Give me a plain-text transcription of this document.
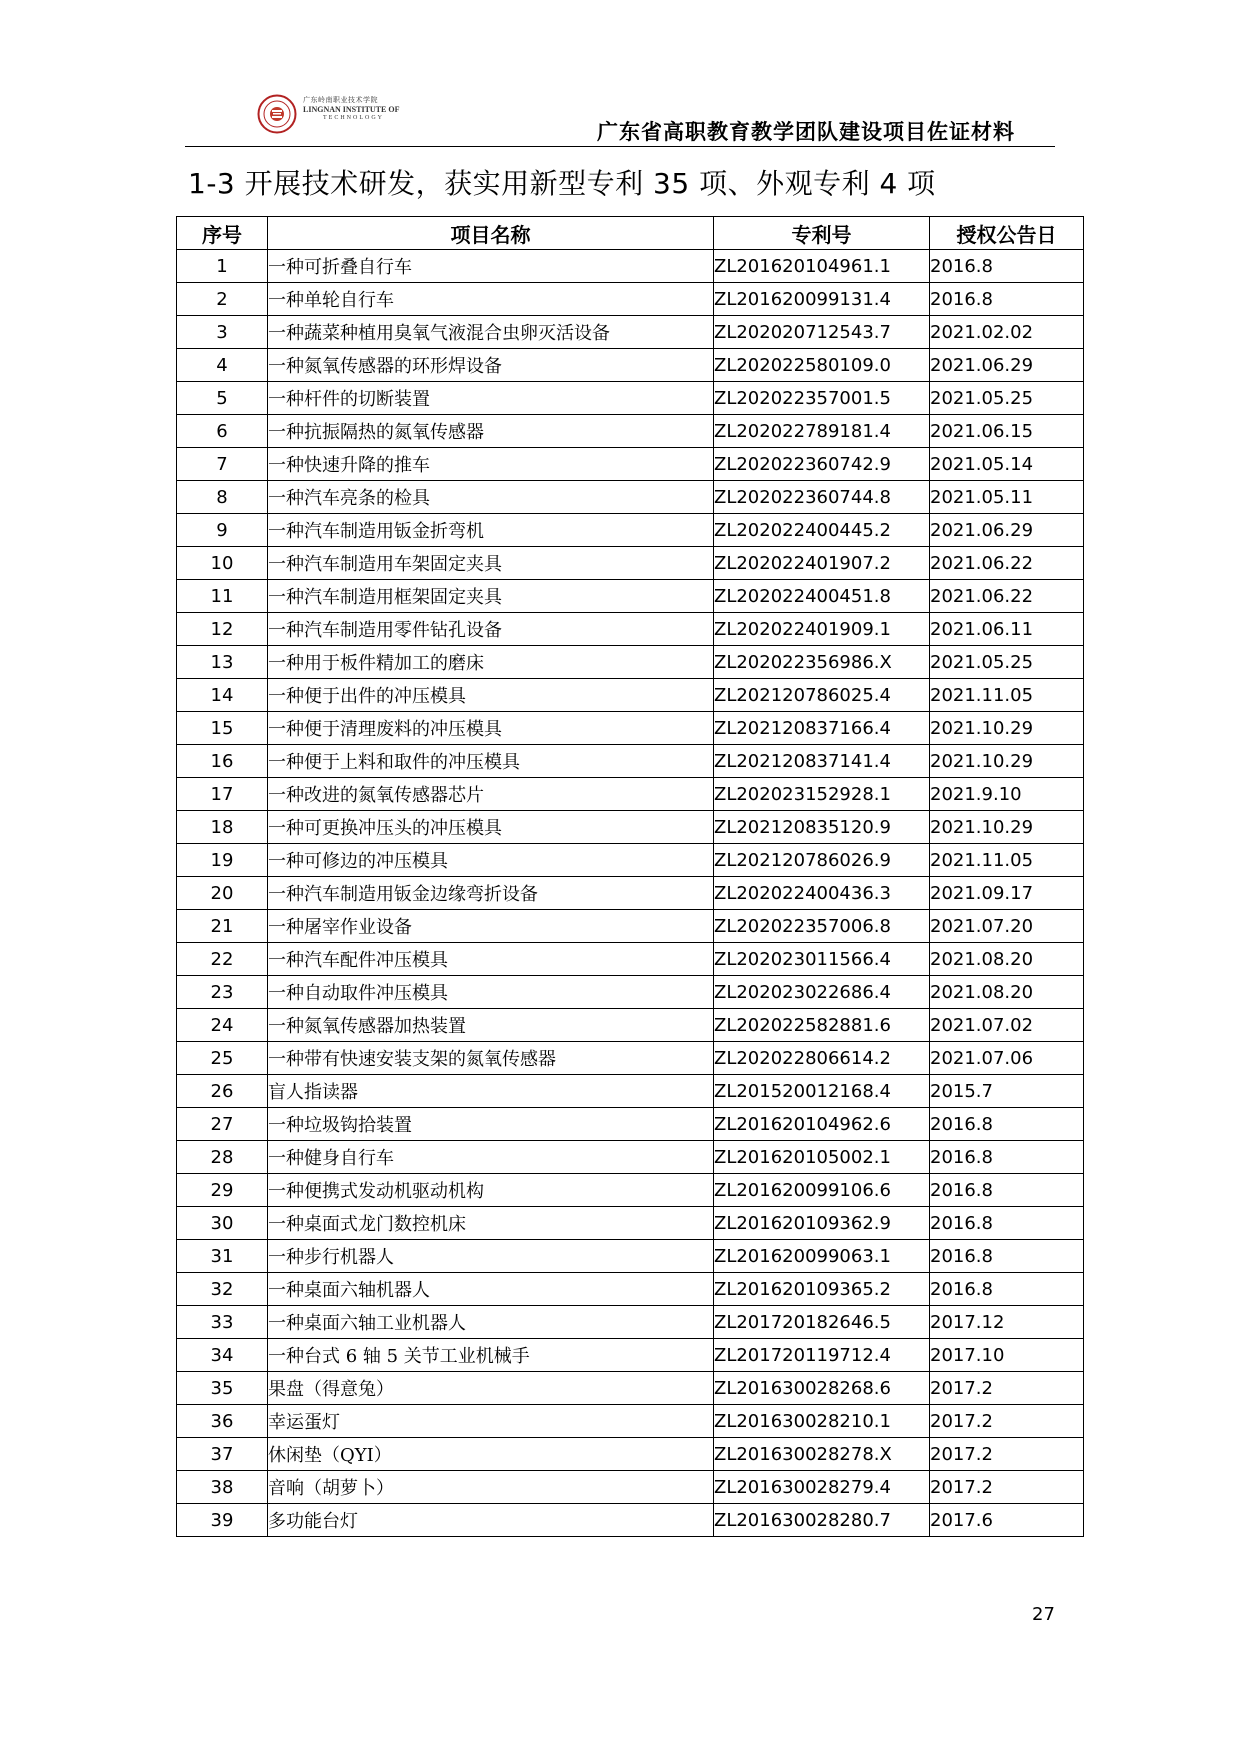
广东岭南职业技术学院
LINGNAN INSTITUTE OF
TECHNOLOGY
广东省高职教育教学团队建设项目佐证材料
1-3 开展技术研发，获实用新型专利 35 项、外观专利 4 项
序号	项目名称	专利号	授权公告日
1	一种可折叠自行车	ZL201620104961.1	2016.8
2	一种单轮自行车	ZL201620099131.4	2016.8
3	一种蔬菜种植用臭氧气液混合虫卵灭活设备	ZL202020712543.7	2021.02.02
4	一种氮氧传感器的环形焊设备	ZL202022580109.0	2021.06.29
5	一种杆件的切断装置	ZL202022357001.5	2021.05.25
6	一种抗振隔热的氮氧传感器	ZL202022789181.4	2021.06.15
7	一种快速升降的推车	ZL202022360742.9	2021.05.14
8	一种汽车亮条的检具	ZL202022360744.8	2021.05.11
9	一种汽车制造用钣金折弯机	ZL202022400445.2	2021.06.29
10	一种汽车制造用车架固定夹具	ZL202022401907.2	2021.06.22
11	一种汽车制造用框架固定夹具	ZL202022400451.8	2021.06.22
12	一种汽车制造用零件钻孔设备	ZL202022401909.1	2021.06.11
13	一种用于板件精加工的磨床	ZL202022356986.X	2021.05.25
14	一种便于出件的冲压模具	ZL202120786025.4	2021.11.05
15	一种便于清理废料的冲压模具	ZL202120837166.4	2021.10.29
16	一种便于上料和取件的冲压模具	ZL202120837141.4	2021.10.29
17	一种改进的氮氧传感器芯片	ZL202023152928.1	2021.9.10
18	一种可更换冲压头的冲压模具	ZL202120835120.9	2021.10.29
19	一种可修边的冲压模具	ZL202120786026.9	2021.11.05
20	一种汽车制造用钣金边缘弯折设备	ZL202022400436.3	2021.09.17
21	一种屠宰作业设备	ZL202022357006.8	2021.07.20
22	一种汽车配件冲压模具	ZL202023011566.4	2021.08.20
23	一种自动取件冲压模具	ZL202023022686.4	2021.08.20
24	一种氮氧传感器加热装置	ZL202022582881.6	2021.07.02
25	一种带有快速安装支架的氮氧传感器	ZL202022806614.2	2021.07.06
26	盲人指读器	ZL201520012168.4	2015.7
27	一种垃圾钩拾装置	ZL201620104962.6	2016.8
28	一种健身自行车	ZL201620105002.1	2016.8
29	一种便携式发动机驱动机构	ZL201620099106.6	2016.8
30	一种桌面式龙门数控机床	ZL201620109362.9	2016.8
31	一种步行机器人	ZL201620099063.1	2016.8
32	一种桌面六轴机器人	ZL201620109365.2	2016.8
33	一种桌面六轴工业机器人	ZL201720182646.5	2017.12
34	一种台式 6 轴 5 关节工业机械手	ZL201720119712.4	2017.10
35	果盘（得意兔）	ZL201630028268.6	2017.2
36	幸运蛋灯	ZL201630028210.1	2017.2
37	休闲垫（QYI）	ZL201630028278.X	2017.2
38	音响（胡萝卜）	ZL201630028279.4	2017.2
39	多功能台灯	ZL201630028280.7	2017.6
27
